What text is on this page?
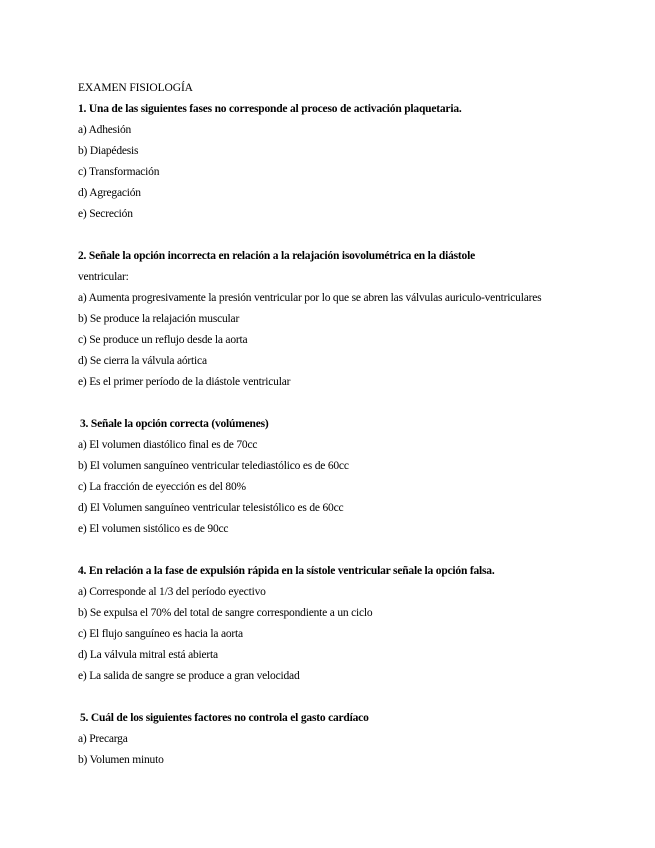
EXAMEN FISIOLOGÍA
1. Una de las siguientes fases no corresponde al proceso de activación plaquetaria.
a) Adhesión
b) Diapédesis
c) Transformación
d) Agregación
e) Secreción
2. Señale la opción incorrecta en relación a la relajación isovolumétrica en la diástole
ventricular:
a) Aumenta progresivamente la presión ventricular por lo que se abren las válvulas auriculo-ventriculares
b) Se produce la relajación muscular
c) Se produce un reflujo desde la aorta
d) Se cierra la válvula aórtica
e) Es el primer período de la diástole ventricular
3. Señale la opción correcta (volúmenes)
a) El volumen diastólico final es de 70cc
b) El volumen sanguíneo ventricular telediastólico es de 60cc
c) La fracción de eyección es del 80%
d) El Volumen sanguíneo ventricular telesistólico es de 60cc
e) El volumen sistólico es de 90cc
4. En relación a la fase de expulsión rápida en la sístole ventricular señale la opción falsa.
a) Corresponde al 1/3 del período eyectivo
b) Se expulsa el 70% del total de sangre correspondiente a un ciclo
c) El flujo sanguíneo es hacia la aorta
d) La válvula mitral está abierta
e) La salida de sangre se produce a gran velocidad
5. Cuál de los siguientes factores no controla el gasto cardíaco
a) Precarga
b) Volumen minuto
